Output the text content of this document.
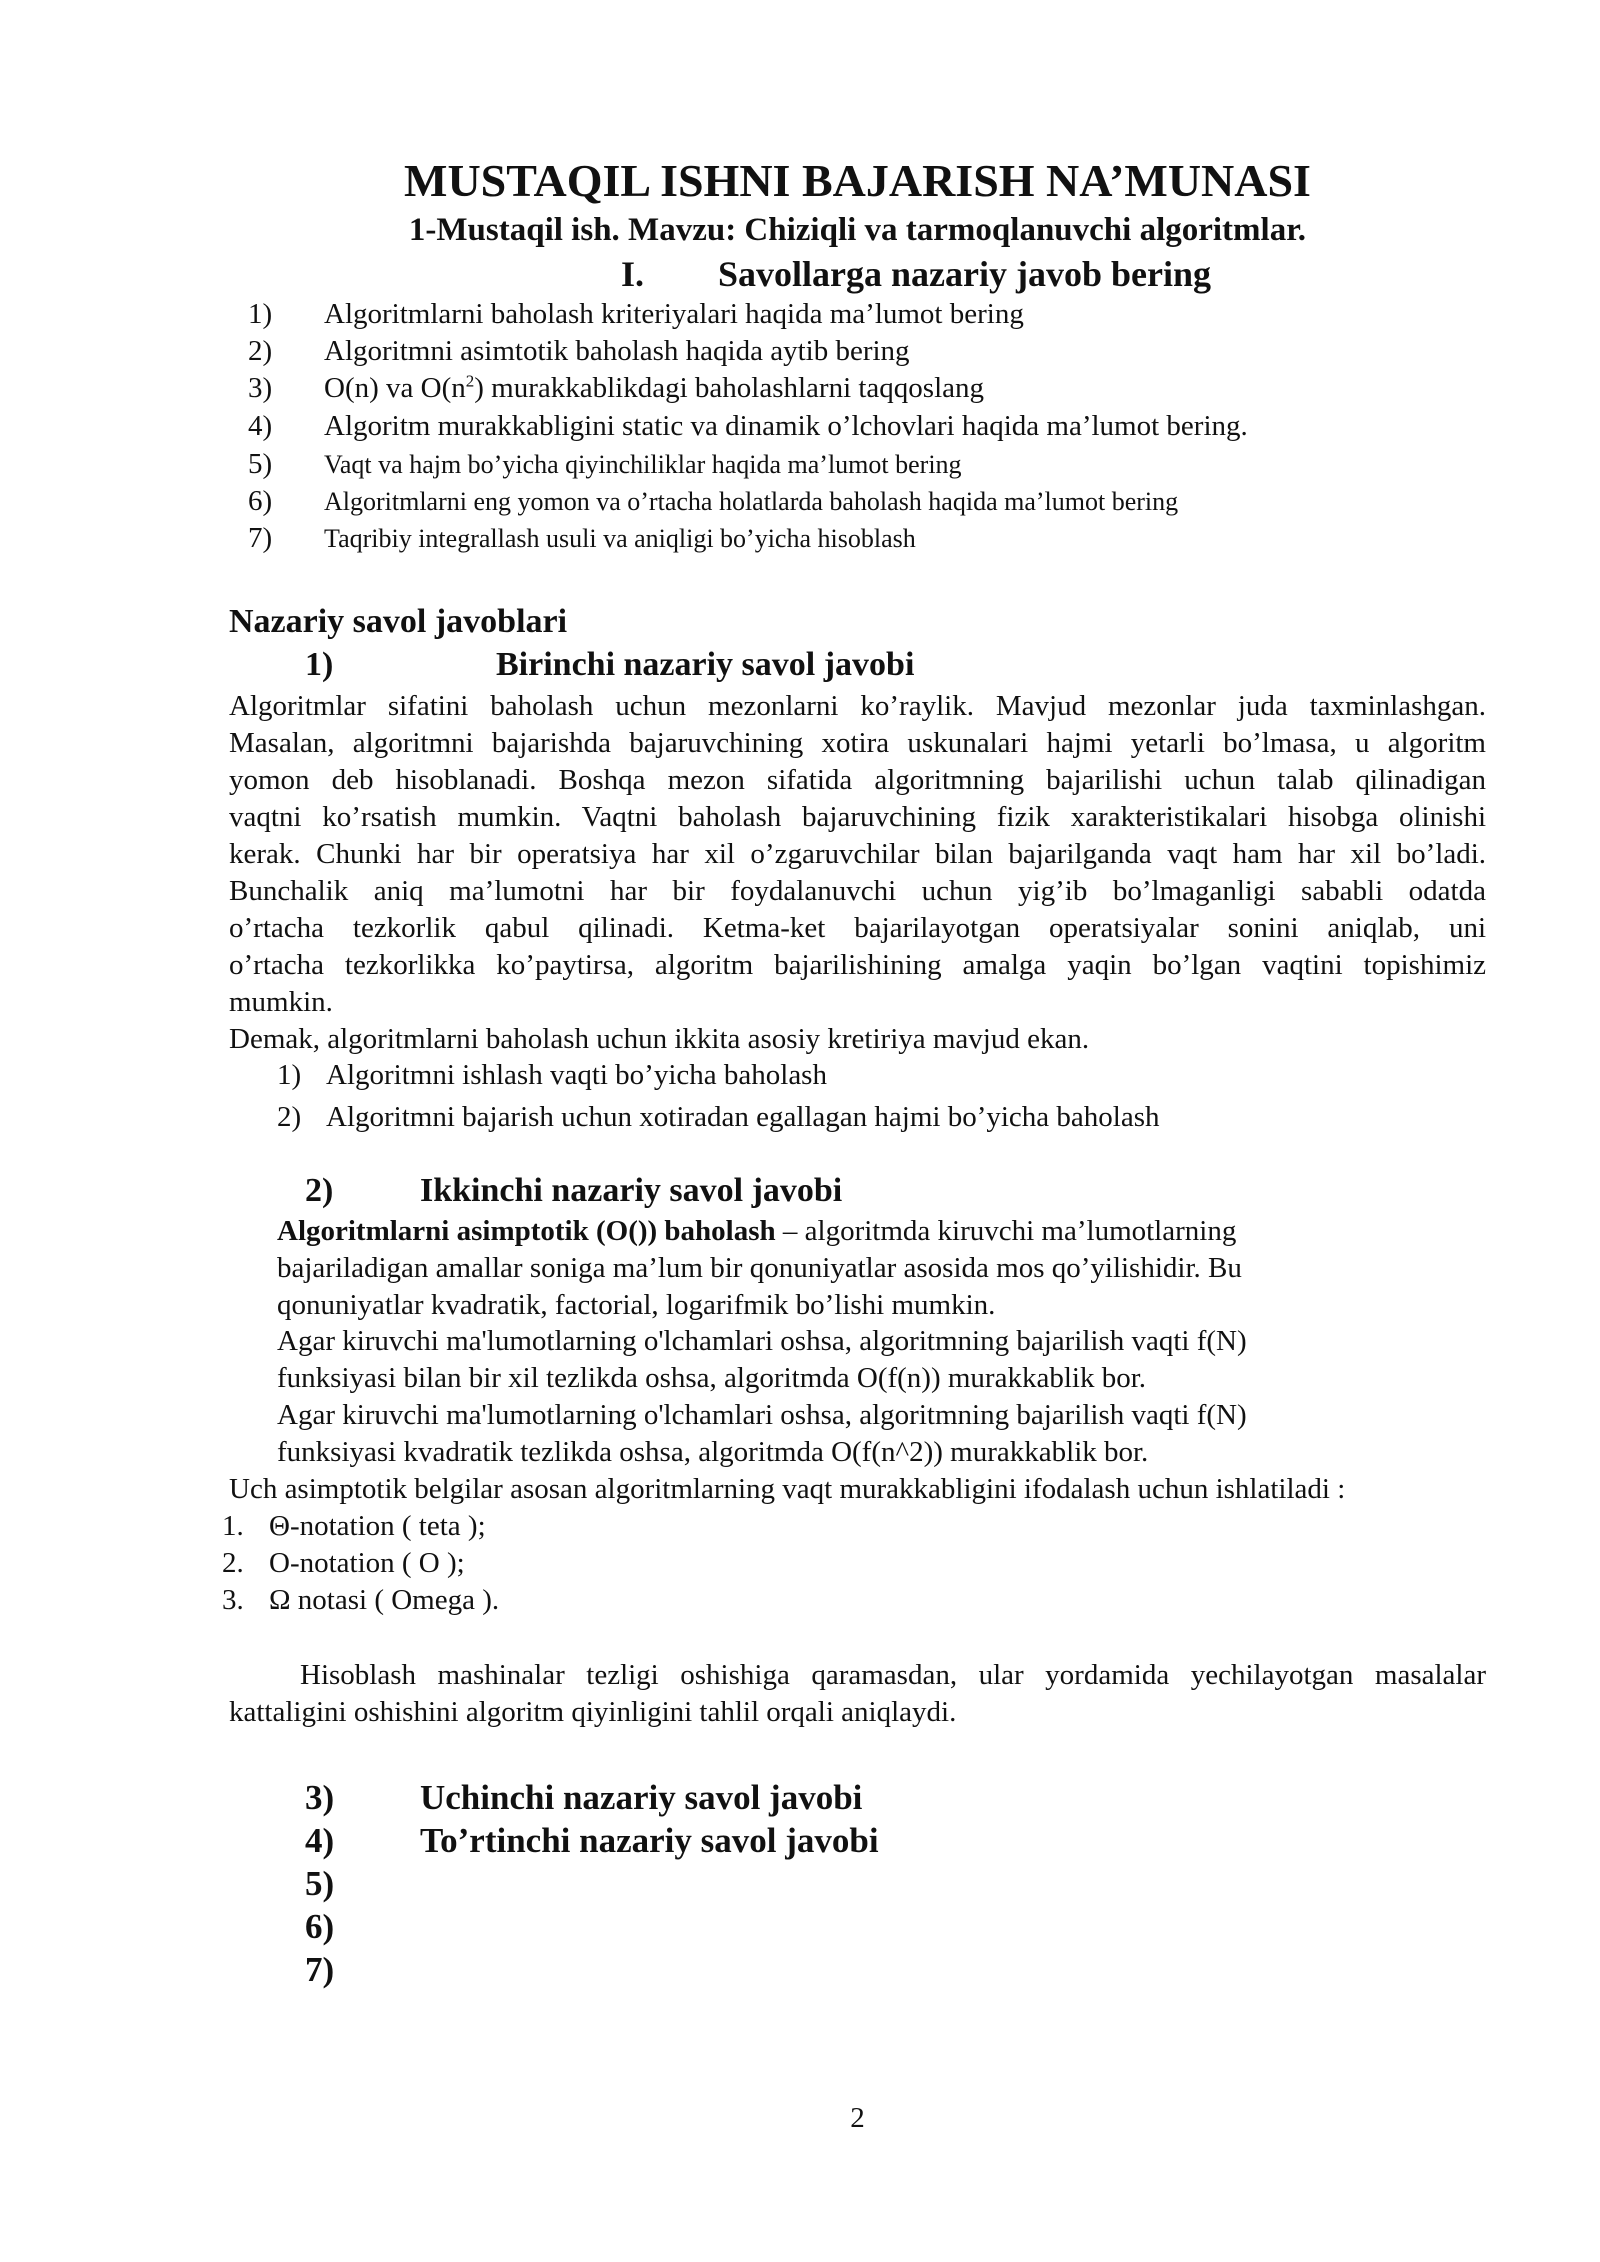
MUSTAQIL ISHNI BAJARISH NA’MUNASI
1-Mustaqil ish. Mavzu: Chiziqli va tarmoqlanuvchi algoritmlar.
I. Savollarga nazariy javob bering
1) Algoritmlarni baholash kriteriyalari haqida ma’lumot bering
2) Algoritmni asimtotik baholash haqida aytib bering
3) O(n) va $O(n^2)$ murakkablikdagi baholashlarni taqqoslang
4) Algoritm murakkabligini static va dinamik o’lchovlari haqida ma’lumot bering.
5) Vaqt va hajm bo’yicha qiyinchiliklar haqida ma’lumot bering
6) Algoritmlarni eng yomon va o’rtacha holatlarda baholash haqida ma’lumot bering
7) Taqribiy integrallash usuli va aniqligi bo’yicha hisoblash
Nazariy savol javoblari
1)	Birinchi nazariy savol javobi
Algoritmlar sifatini baholash uchun mezonlarni ko’raylik. Mavjud mezonlar juda taxminlashgan.
Masalan, algoritmni bajarishda bajaruvchining xotira uskunalari hajmi yetarli bo’lmasa, u algoritm
yomon deb hisoblanadi. Boshqa mezon sifatida algoritmning bajarilishi uchun talab qilinadigan
vaqtni ko’rsatish mumkin. Vaqtni baholash bajaruvchining fizik xarakteristikalari hisobga olinishi
kerak. Chunki har bir operatsiya har xil o’zgaruvchilar bilan bajarilganda vaqt ham har xil bo’ladi.
Bunchalik aniq ma’lumotni har bir foydalanuvchi uchun yig’ib bo’lmaganligi sababli odatda
o’rtacha tezkorlik qabul qilinadi. Ketma-ket bajarilayotgan operatsiyalar sonini aniqlab, uni
o’rtacha tezkorlikka ko’paytirsa, algoritm bajarilishining amalga yaqin bo’lgan vaqtini topishimiz
mumkin.
Demak, algoritmlarni baholash uchun ikkita asosiy kretiriya mavjud ekan.
1) Algoritmni ishlash vaqti bo’yicha baholash
2) Algoritmni bajarish uchun xotiradan egallagan hajmi bo’yicha baholash
2)	Ikkinchi nazariy savol javobi
Algoritmlarni asimptotik (O()) baholash – algoritmda kiruvchi ma’lumotlarning
bajariladigan amallar soniga ma’lum bir qonuniyatlar asosida mos qo’yilishidir. Bu
qonuniyatlar kvadratik, factorial, logarifmik bo’lishi mumkin.
Agar kiruvchi ma'lumotlarning o'lchamlari oshsa, algoritmning bajarilish vaqti f(N)
funksiyasi bilan bir xil tezlikda oshsa, algoritmda O(f(n)) murakkablik bor.
Agar kiruvchi ma'lumotlarning o'lchamlari oshsa, algoritmning bajarilish vaqti f(N)
funksiyasi kvadratik tezlikda oshsa, algoritmda O(f(n^2)) murakkablik bor.
Uch asimptotik belgilar asosan algoritmlarning vaqt murakkabligini ifodalash uchun ishlatiladi :
1. Θ-notation ( teta );
2. O-notation ( O );
3. Ω notasi ( Omega ).
Hisoblash mashinalar tezligi oshishiga qaramasdan, ular yordamida yechilayotgan masalalar
kattaligini oshishini algoritm qiyinligini tahlil orqali aniqlaydi.
3) Uchinchi nazariy savol javobi
4) To’rtinchi nazariy savol javobi
5)
6)
7)
2
